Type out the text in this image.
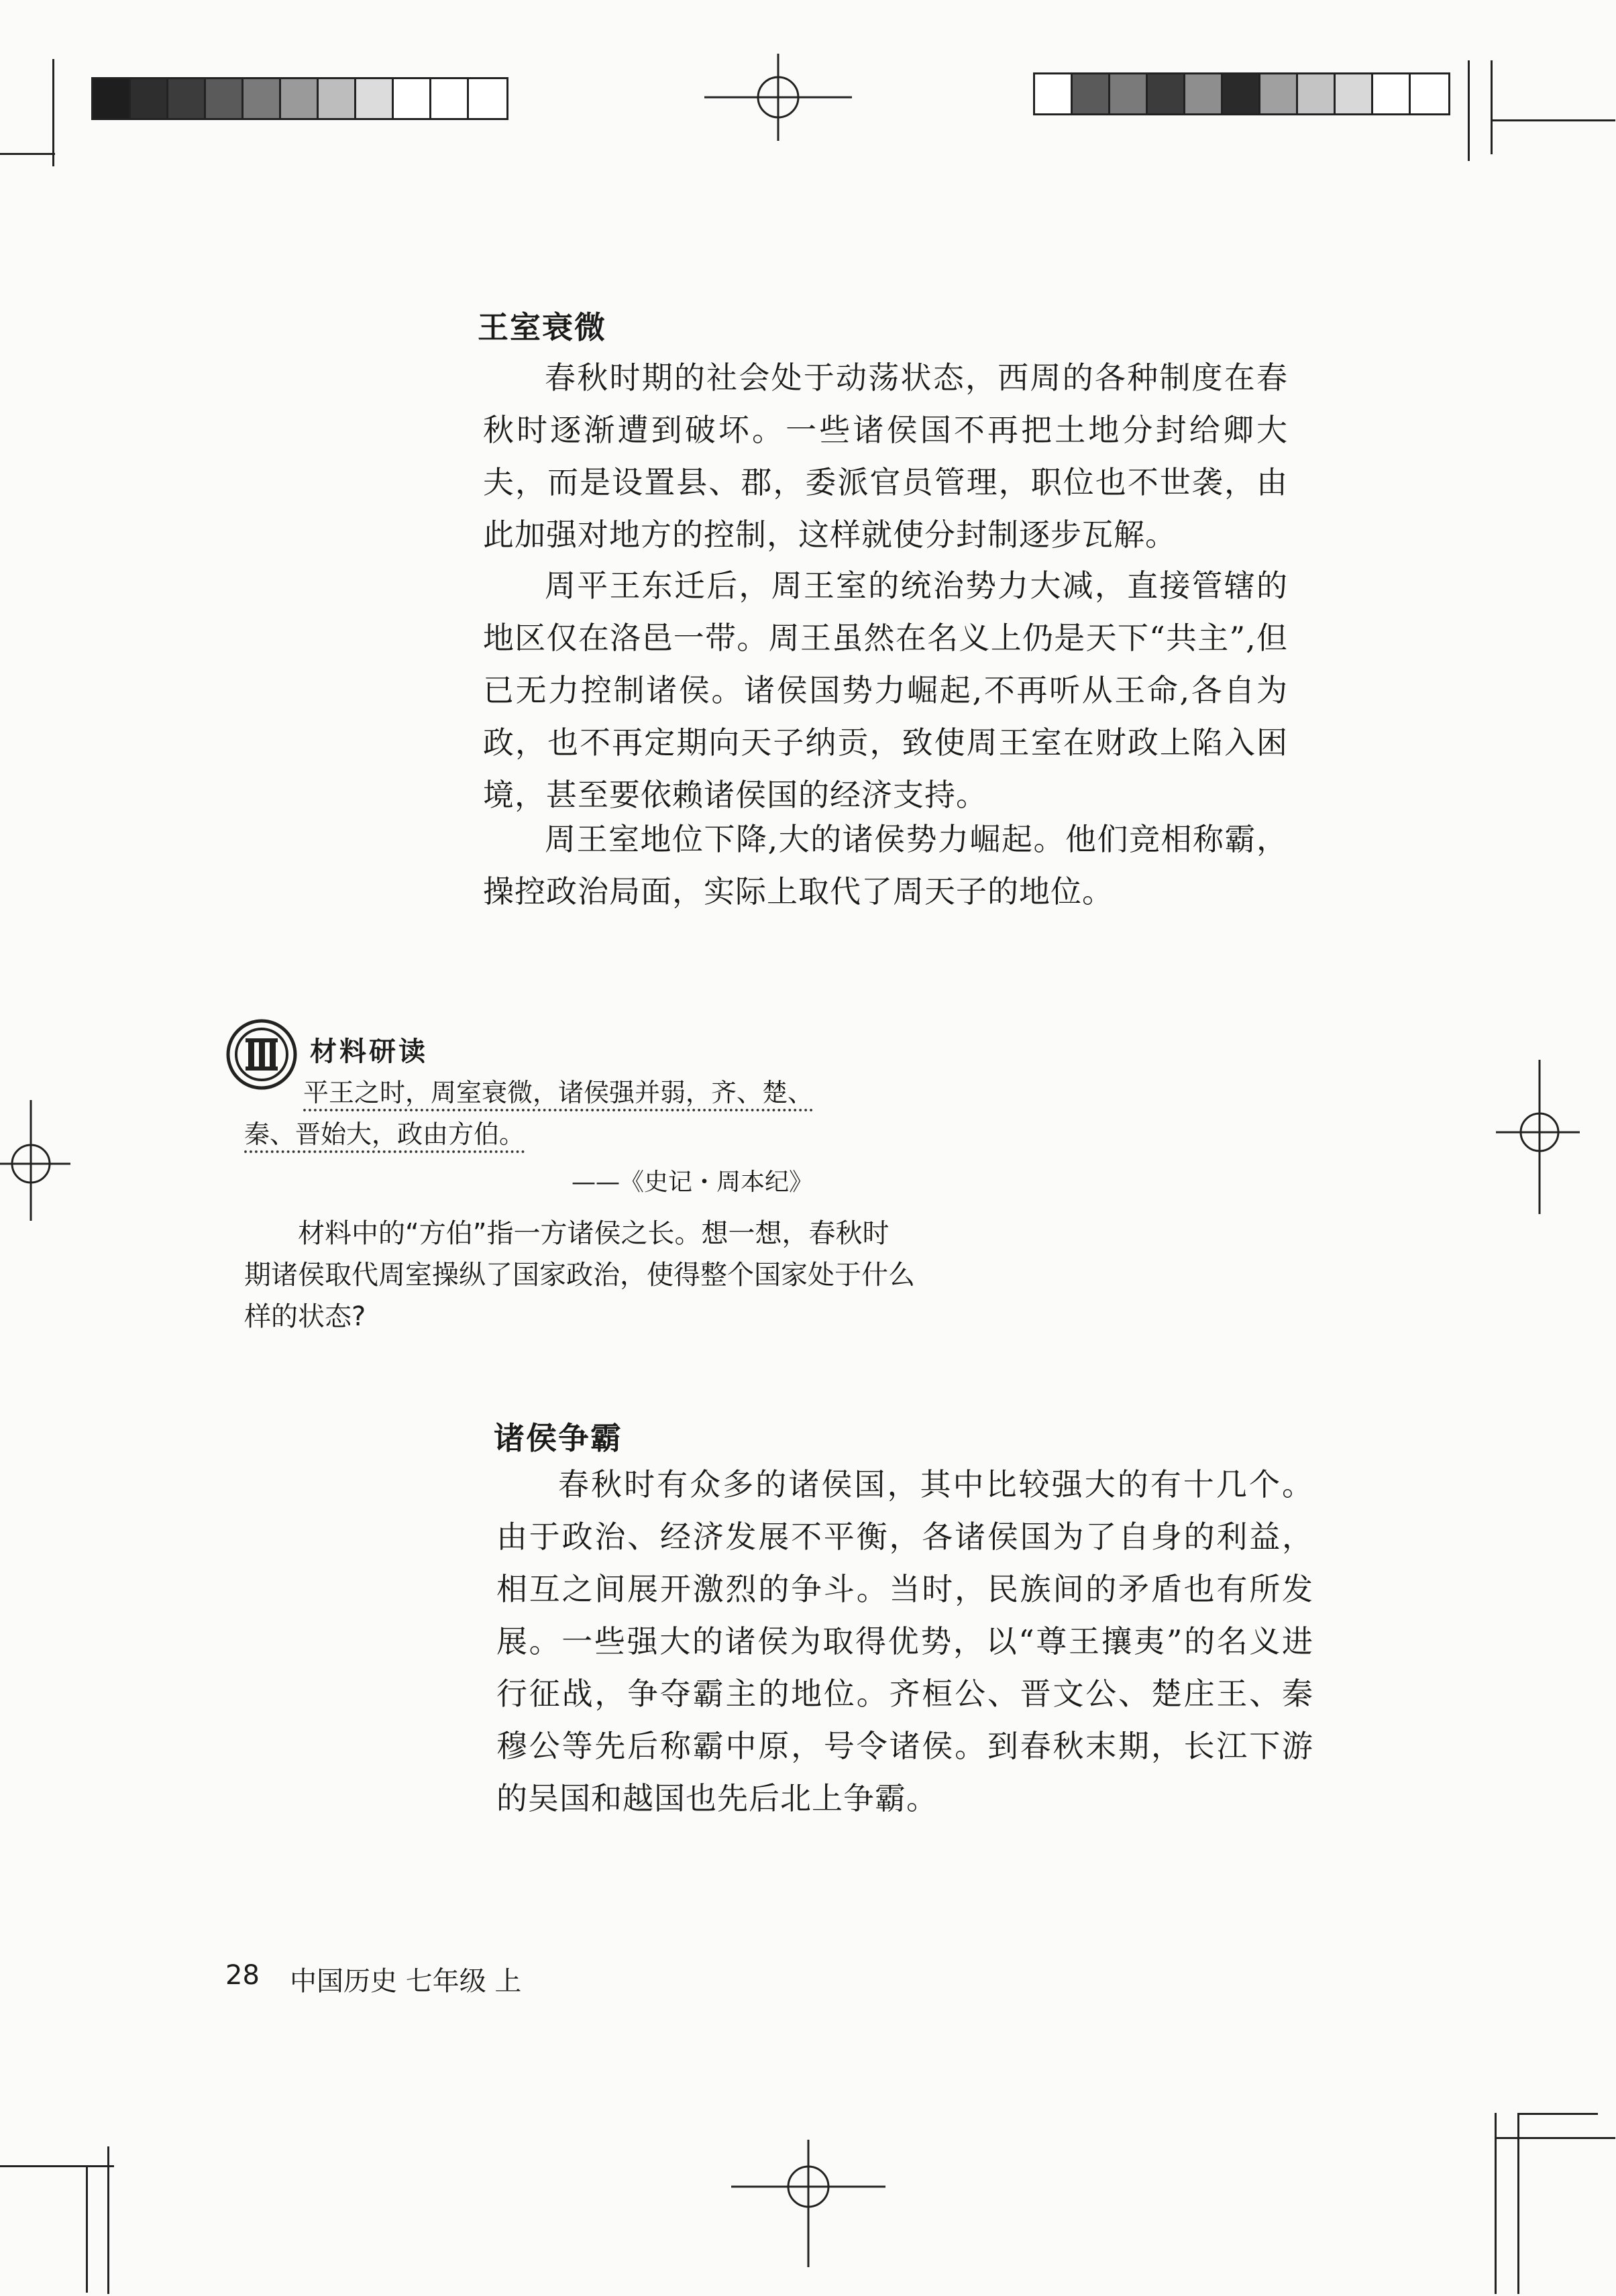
王室衰微

春秋时期的社会处于动荡状态，西周的各种制度在春秋时逐渐遭到破坏。一些诸侯国不再把土地分封给卿大夫，而是设置县、郡，委派官员管理，职位也不世袭，由此加强对地方的控制，这样就使分封制逐步瓦解。

周平王东迁后，周王室的统治势力大减，直接管辖的地区仅在洛邑一带。周王虽然在名义上仍是天下“共主”,但已无力控制诸侯。诸侯国势力崛起,不再听从王命,各自为政，也不再定期向天子纳贡，致使周王室在财政上陷入困境，甚至要依赖诸侯国的经济支持。

周王室地位下降,大的诸侯势力崛起。他们竞相称霸，操控政治局面，实际上取代了周天子的地位。

材料研读

平王之时，周室衰微，诸侯强并弱，齐、楚、

秦、晋始大，政由方伯。

——《史记・周本纪》

材料中的“方伯”指一方诸侯之长。想一想，春秋时期诸侯取代周室操纵了国家政治，使得整个国家处于什么样的状态?

诸侯争霸

春秋时有众多的诸侯国，其中比较强大的有十几个。由于政治、经济发展不平衡，各诸侯国为了自身的利益，相互之间展开激烈的争斗。当时，民族间的矛盾也有所发展。一些强大的诸侯为取得优势，以“尊王攘夷”的名义进行征战，争夺霸主的地位。齐桓公、晋文公、楚庄王、秦穆公等先后称霸中原，号令诸侯。到春秋末期，长江下游的吴国和越国也先后北上争霸。

28 中国历史 七年级 上
